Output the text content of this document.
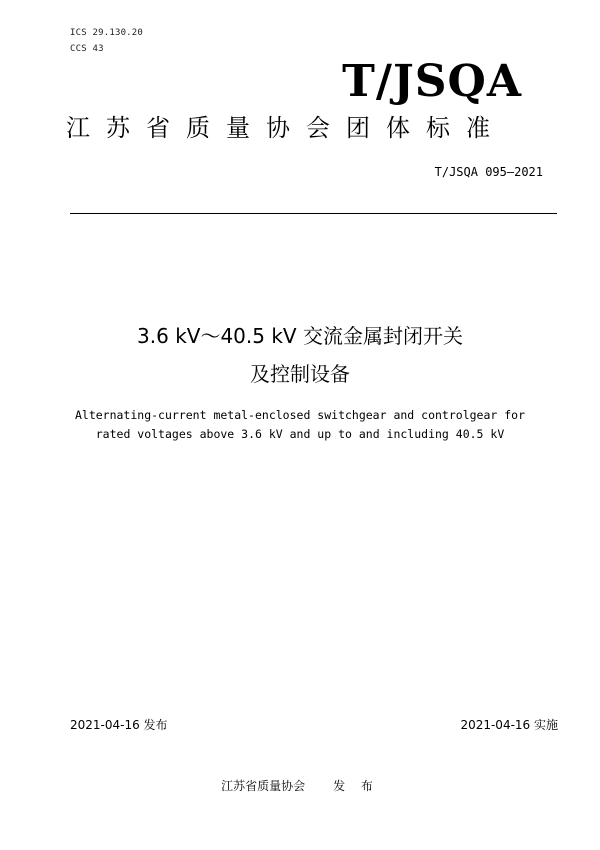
ICS 29.130.20
CCS 43
T/JSQA
江苏省质量协会团体标准
T/JSQA 095—2021
3.6 kV～40.5 kV 交流金属封闭开关
及控制设备
Alternating-current metal-enclosed switchgear and controlgear for
rated voltages above 3.6 kV and up to and including 40.5 kV
2021-04-16 发布	2021-04-16 实施
江苏省质量协会 发 布
